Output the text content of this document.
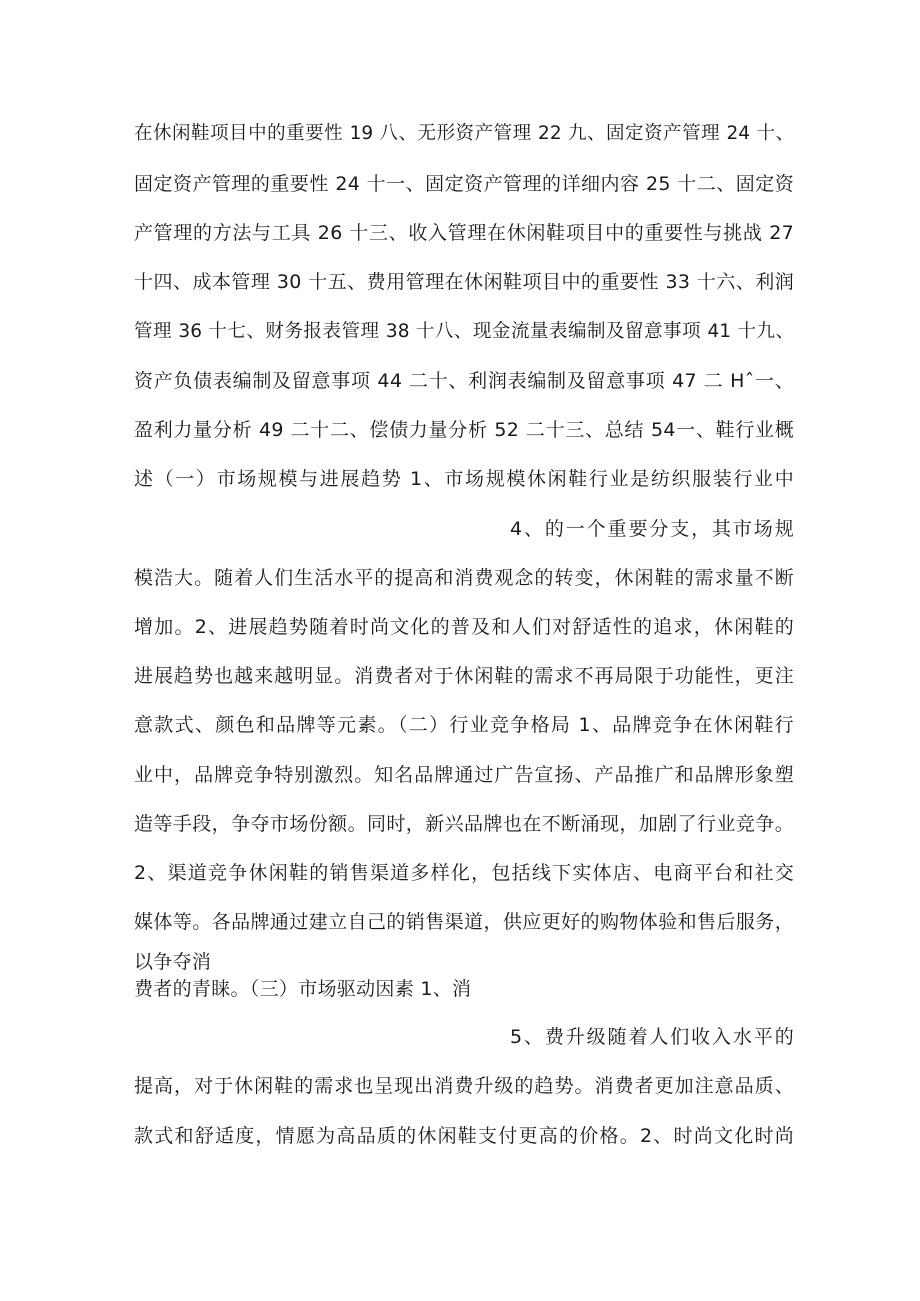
在休闲鞋项目中的重要性 19 八、无形资产管理 22 九、固定资产管理 24 十、
固定资产管理的重要性 24 十一、固定资产管理的详细内容 25 十二、固定资
产管理的方法与工具 26 十三、收入管理在休闲鞋项目中的重要性与挑战 27
十四、成本管理 30 十五、费用管理在休闲鞋项目中的重要性 33 十六、利润
管理 36 十七、财务报表管理 38 十八、现金流量表编制及留意事项 41 十九、
资产负债表编制及留意事项 44 二十、利润表编制及留意事项 47 二 Hˆ一、
盈利力量分析 49 二十二、偿债力量分析 52 二十三、总结 54一、鞋行业概
述（一）市场规模与进展趋势 1、市场规模休闲鞋行业是纺织服装行业中
4、的一个重要分支，其市场规
模浩大。随着人们生活水平的提高和消费观念的转变，休闲鞋的需求量不断
增加。2、进展趋势随着时尚文化的普及和人们对舒适性的追求，休闲鞋的
进展趋势也越来越明显。消费者对于休闲鞋的需求不再局限于功能性，更注
意款式、颜色和品牌等元素。（二）行业竞争格局 1、品牌竞争在休闲鞋行
业中，品牌竞争特别激烈。知名品牌通过广告宣扬、产品推广和品牌形象塑
造等手段，争夺市场份额。同时，新兴品牌也在不断涌现，加剧了行业竞争。
2、渠道竞争休闲鞋的销售渠道多样化，包括线下实体店、电商平台和社交
媒体等。各品牌通过建立自己的销售渠道，供应更好的购物体验和售后服务，
以争夺消
费者的青睐。（三）市场驱动因素 1、消
5、费升级随着人们收入水平的
提高，对于休闲鞋的需求也呈现出消费升级的趋势。消费者更加注意品质、
款式和舒适度，情愿为高品质的休闲鞋支付更高的价格。2、时尚文化时尚
